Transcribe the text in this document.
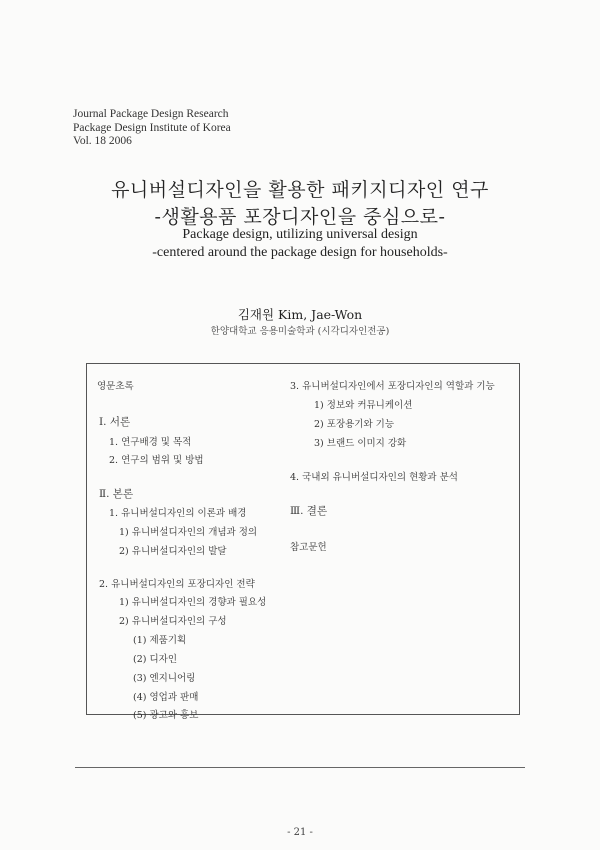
Journal Package Design Research
Package Design Institute of Korea
Vol. 18 2006
유니버설디자인을 활용한 패키지디자인 연구
-생활용품 포장디자인을 중심으로-
Package design, utilizing universal design
-centered around the package design for households-
김재원 Kim, Jae-Won
한양대학교 응용미술학과 (시각디자인전공)
영문초록
Ⅰ. 서론
1. 연구배경 및 목적
2. 연구의 범위 및 방법
Ⅱ. 본론
1. 유니버설디자인의 이론과 배경
1) 유니버설디자인의 개념과 정의
2) 유니버설디자인의 발달
2. 유니버설디자인의 포장디자인 전략
1) 유니버설디자인의 경향과 필요성
2) 유니버설디자인의 구성
(1) 제품기획
(2) 디자인
(3) 엔지니어링
(4) 영업과 판매
(5) 광고와 홍보
3. 유니버설디자인에서 포장디자인의 역할과 기능
1) 정보와 커뮤니케이션
2) 포장용기와 기능
3) 브랜드 이미지 강화
4. 국내외 유니버설디자인의 현황과 분석
Ⅲ. 결론
참고문헌
- 21 -
